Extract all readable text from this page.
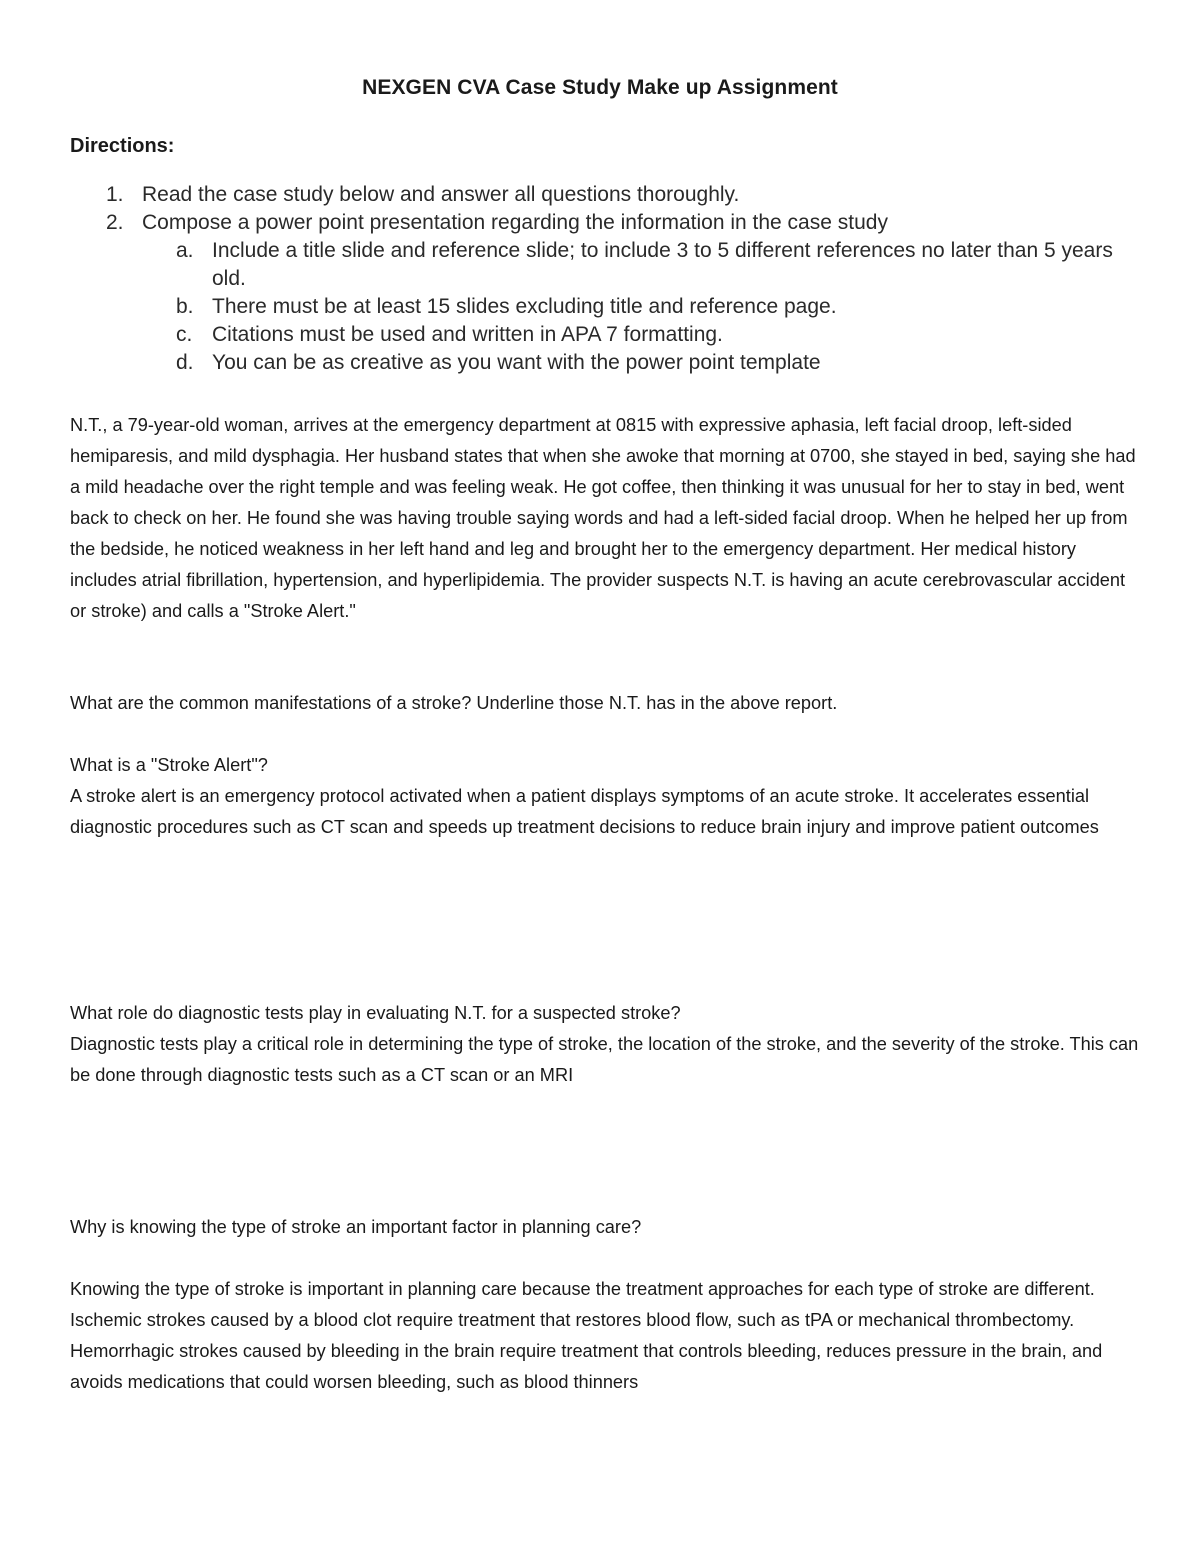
NEXGEN CVA Case Study Make up Assignment
Directions:
1. Read the case study below and answer all questions thoroughly.
2. Compose a power point presentation regarding the information in the case study
a. Include a title slide and reference slide; to include 3 to 5 different references no later than 5 years old.
b. There must be at least 15 slides excluding title and reference page.
c. Citations must be used and written in APA 7 formatting.
d. You can be as creative as you want with the power point template
N.T., a 79-year-old woman, arrives at the emergency department at 0815 with expressive aphasia, left facial droop, left-sided hemiparesis, and mild dysphagia. Her husband states that when she awoke that morning at 0700, she stayed in bed, saying she had a mild headache over the right temple and was feeling weak. He got coffee, then thinking it was unusual for her to stay in bed, went back to check on her. He found she was having trouble saying words and had a left-sided facial droop. When he helped her up from the bedside, he noticed weakness in her left hand and leg and brought her to the emergency department. Her medical history includes atrial fibrillation, hypertension, and hyperlipidemia. The provider suspects N.T. is having an acute cerebrovascular accident or stroke) and calls a "Stroke Alert."
What are the common manifestations of a stroke? Underline those N.T. has in the above report.
What is a "Stroke Alert"?
A stroke alert is an emergency protocol activated when a patient displays symptoms of an acute stroke. It accelerates essential diagnostic procedures such as CT scan and speeds up treatment decisions to reduce brain injury and improve patient outcomes
What role do diagnostic tests play in evaluating N.T. for a suspected stroke?
Diagnostic tests play a critical role in determining the type of stroke, the location of the stroke, and the severity of the stroke. This can be done through diagnostic tests such as a CT scan or an MRI
Why is knowing the type of stroke an important factor in planning care?
Knowing the type of stroke is important in planning care because the treatment approaches for each type of stroke are different. Ischemic strokes caused by a blood clot require treatment that restores blood flow, such as tPA or mechanical thrombectomy. Hemorrhagic strokes caused by bleeding in the brain require treatment that controls bleeding, reduces pressure in the brain, and avoids medications that could worsen bleeding, such as blood thinners
